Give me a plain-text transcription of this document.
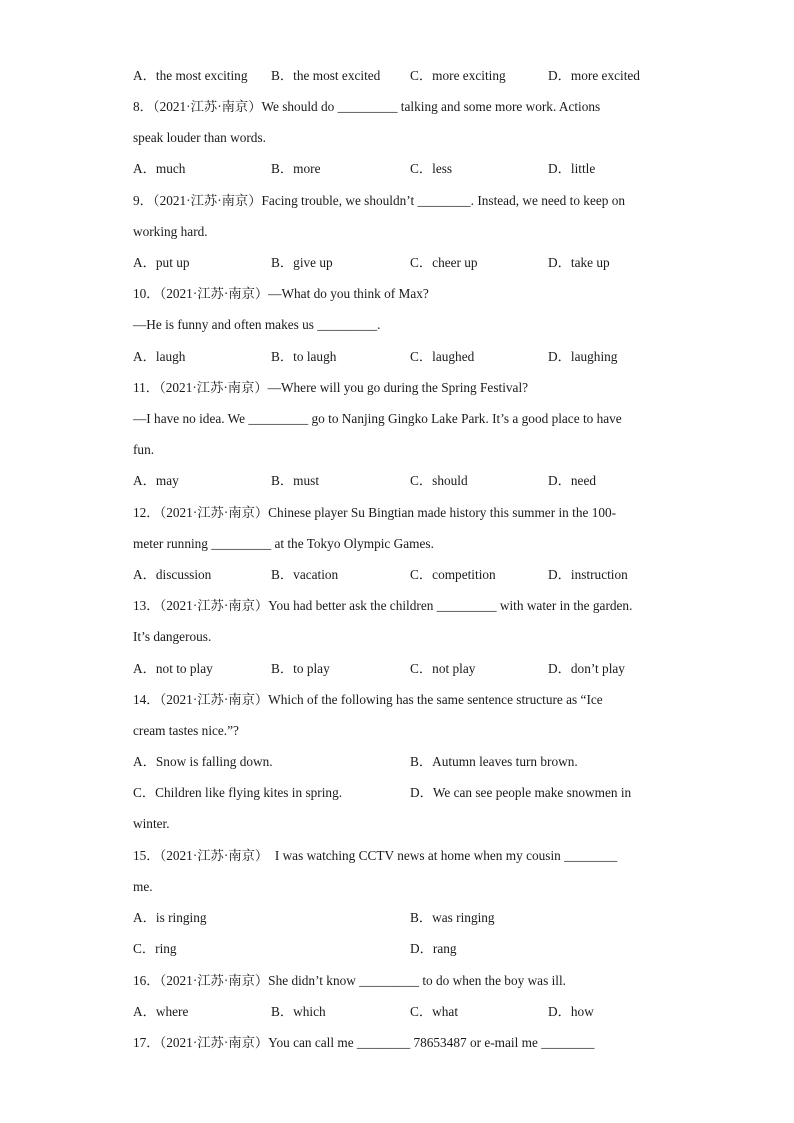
A．the most exciting B．the most excited C．more exciting	D．more excited
8．（2021·江苏·南京）We should do _________ talking and some more work. Actions
speak louder than words.
A．much	B．more	C．less	D．little
9．（2021·江苏·南京）Facing trouble, we shouldn’t ________. Instead, we need to keep on
working hard.
A．put up	B．give up	C．cheer up	D．take up
10．（2021·江苏·南京）—What do you think of Max?
—He is funny and often makes us _________.
A．laugh	B．to laugh	C．laughed	D．laughing
11．（2021·江苏·南京）—Where will you go during the Spring Festival?
—I have no idea. We _________ go to Nanjing Gingko Lake Park. It’s a good place to have
fun.
A．may	B．must	C．should	D．need
12．（2021·江苏·南京）Chinese player Su Bingtian made history this summer in the 100-
meter running _________ at the Tokyo Olympic Games.
A．discussion	B．vacation	C．competition	D．instruction
13．（2021·江苏·南京）You had better ask the children _________ with water in the garden.
It’s dangerous.
A．not to play	B．to play	C．not play	D．don’t play
14．（2021·江苏·南京）Which of the following has the same sentence structure as “Ice
cream tastes nice.”?
A．Snow is falling down.	B．Autumn leaves turn brown.
C．Children like flying kites in spring.	D．We can see people make snowmen in
winter.
15．（2021·江苏·南京）  I was watching CCTV news at home when my cousin ________
me.
A．is ringing	B．was ringing
C．ring	D．rang
16．（2021·江苏·南京）She didn’t know _________ to do when the boy was ill.
A．where	B．which	C．what	D．how
17．（2021·江苏·南京）You can call me ________ 78653487 or e-mail me ________
